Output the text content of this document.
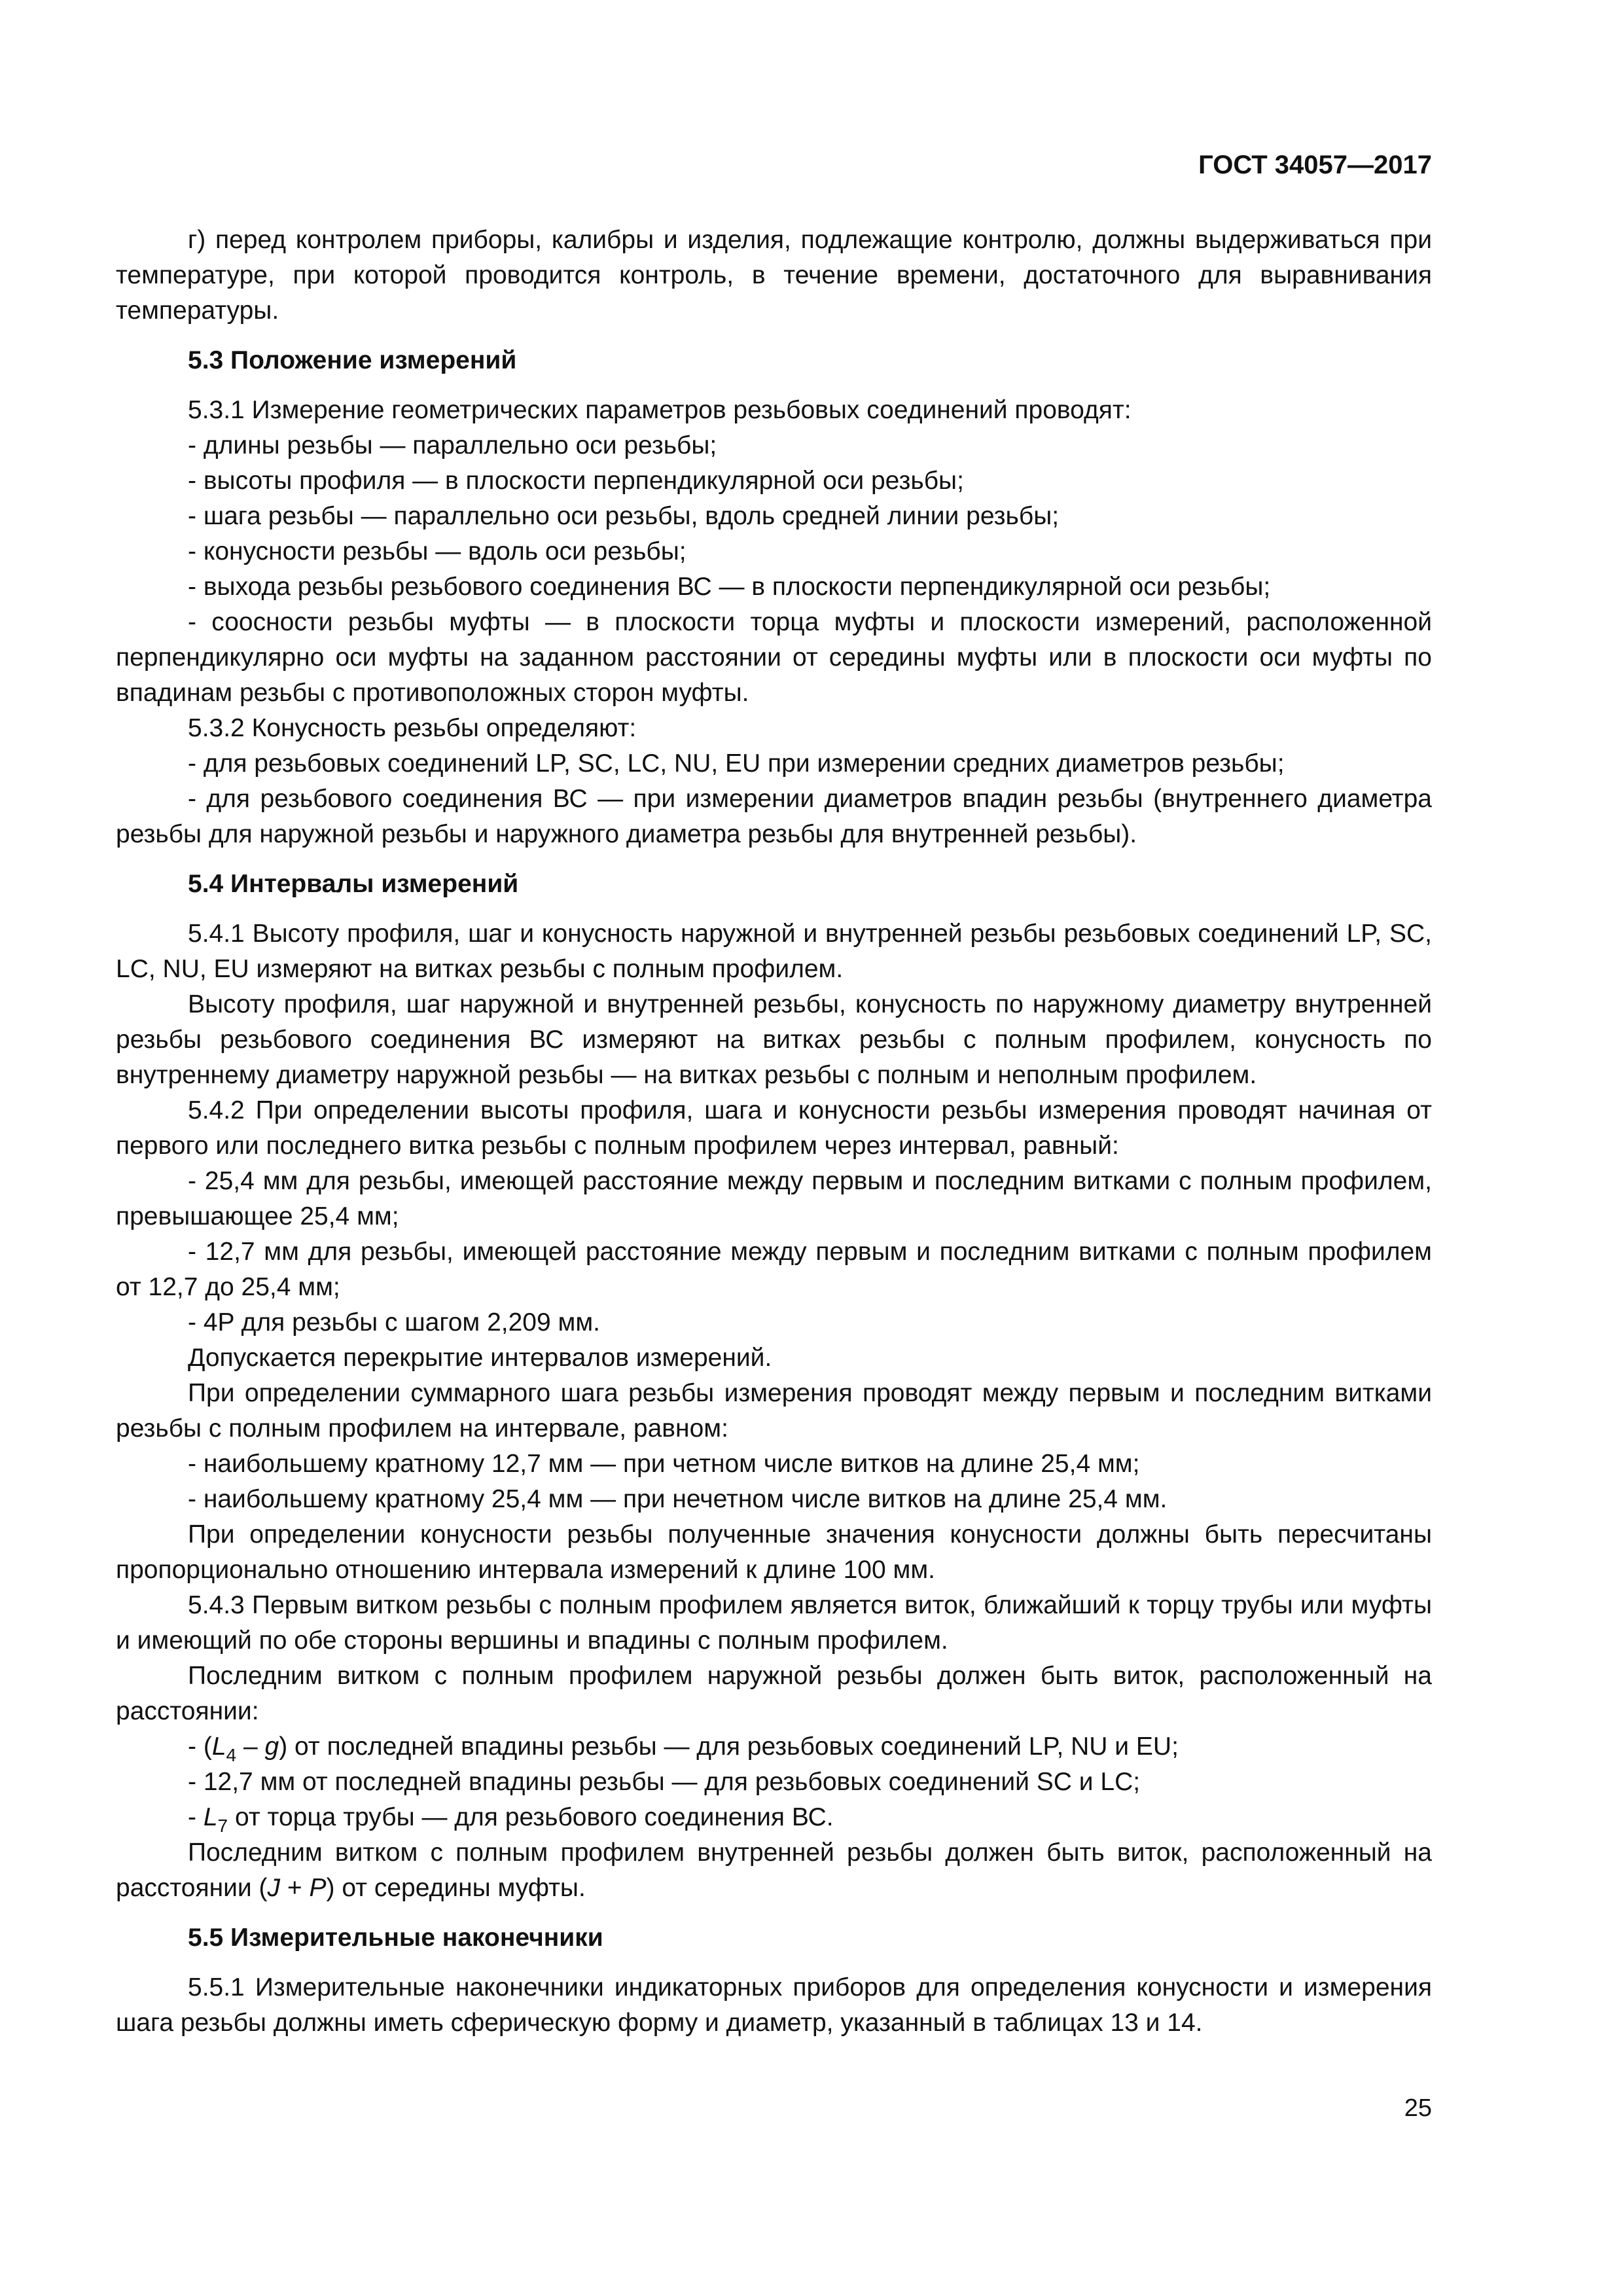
ГОСТ 34057—2017

г) перед контролем приборы, калибры и изделия, подлежащие контролю, должны выдерживаться при температуре, при которой проводится контроль, в течение времени, достаточного для выравнивания температуры.

5.3 Положение измерений

5.3.1 Измерение геометрических параметров резьбовых соединений проводят:

- длины резьбы — параллельно оси резьбы;

- высоты профиля — в плоскости перпендикулярной оси резьбы;

- шага резьбы — параллельно оси резьбы, вдоль средней линии резьбы;

- конусности резьбы — вдоль оси резьбы;

- выхода резьбы резьбового соединения ВС — в плоскости перпендикулярной оси резьбы;

- соосности резьбы муфты — в плоскости торца муфты и плоскости измерений, расположенной перпендикулярно оси муфты на заданном расстоянии от середины муфты или в плоскости оси муфты по впадинам резьбы с противоположных сторон муфты.

5.3.2 Конусность резьбы определяют:

- для резьбовых соединений LP, SC, LC, NU, EU при измерении средних диаметров резьбы;

- для резьбового соединения ВС — при измерении диаметров впадин резьбы (внутреннего диаметра резьбы для наружной резьбы и наружного диаметра резьбы для внутренней резьбы).

5.4 Интервалы измерений

5.4.1 Высоту профиля, шаг и конусность наружной и внутренней резьбы резьбовых соединений LP, SC, LC, NU, EU измеряют на витках резьбы с полным профилем.

Высоту профиля, шаг наружной и внутренней резьбы, конусность по наружному диаметру внутренней резьбы резьбового соединения ВС измеряют на витках резьбы с полным профилем, конусность по внутреннему диаметру наружной резьбы — на витках резьбы с полным и неполным профилем.

5.4.2 При определении высоты профиля, шага и конусности резьбы измерения проводят начиная от первого или последнего витка резьбы с полным профилем через интервал, равный:

- 25,4 мм для резьбы, имеющей расстояние между первым и последним витками с полным профилем, превышающее 25,4 мм;

- 12,7 мм для резьбы, имеющей расстояние между первым и последним витками с полным профилем от 12,7 до 25,4 мм;

- 4P для резьбы с шагом 2,209 мм.

Допускается перекрытие интервалов измерений.

При определении суммарного шага резьбы измерения проводят между первым и последним витками резьбы с полным профилем на интервале, равном:

- наибольшему кратному 12,7 мм — при четном числе витков на длине 25,4 мм;

- наибольшему кратному 25,4 мм — при нечетном числе витков на длине 25,4 мм.

При определении конусности резьбы полученные значения конусности должны быть пересчитаны пропорционально отношению интервала измерений к длине 100 мм.

5.4.3 Первым витком резьбы с полным профилем является виток, ближайший к торцу трубы или муфты и имеющий по обе стороны вершины и впадины с полным профилем.

Последним витком с полным профилем наружной резьбы должен быть виток, расположенный на расстоянии:

- $(L_4 - g)$ от последней впадины резьбы — для резьбовых соединений LP, NU и EU;

- 12,7 мм от последней впадины резьбы — для резьбовых соединений SC и LC;

- $L_7$ от торца трубы — для резьбового соединения ВС.

Последним витком с полным профилем внутренней резьбы должен быть виток, расположенный на расстоянии (J + P) от середины муфты.

5.5 Измерительные наконечники

5.5.1 Измерительные наконечники индикаторных приборов для определения конусности и измерения шага резьбы должны иметь сферическую форму и диаметр, указанный в таблицах 13 и 14.

25
